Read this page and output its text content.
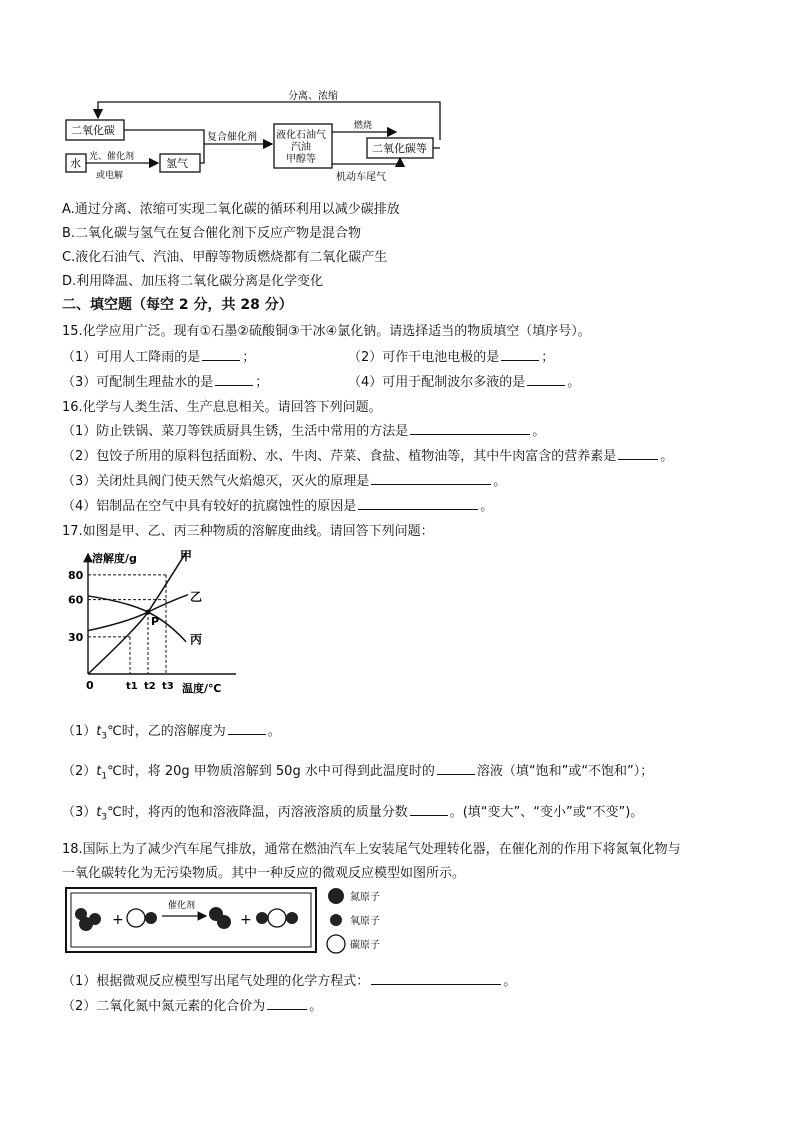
分离、浓缩
二氧化碳
水 光、催化剂
或电解
氢气
复合催化剂 液化石油气
汽油
甲醇等
燃烧
二氧化碳等
机动车尾气
A.通过分离、浓缩可实现二氧化碳的循环利用以减少碳排放
B.二氧化碳与氢气在复合催化剂下反应产物是混合物
C.液化石油气、汽油、甲醇等物质燃烧都有二氧化碳产生
D.利用降温、加压将二氧化碳分离是化学变化
二、填空题（每空 2 分，共 28 分）
15.化学应用广泛。现有①石墨②硫酸铜③干冰④氯化钠。请选择适当的物质填空（填序号）。
（1）可用人工降雨的是	；	（2）可作干电池电极的是	；
（3）可配制生理盐水的是	；	（4）可用于配制波尔多液的是	。
16.化学与人类生活、生产息息相关。请回答下列问题。
（1）防止铁锅、菜刀等铁质厨具生锈，生活中常用的方法是	。
（2）包饺子所用的原料包括面粉、水、牛肉、芹菜、食盐、植物油等，其中牛肉富含的营养素是	。
（3）关闭灶具阀门使天然气火焰熄灭，灭火的原理是	。
（4）铝制品在空气中具有较好的抗腐蚀性的原因是	。
17.如图是甲、乙、丙三种物质的溶解度曲线。请回答下列问题：
溶解度/g
温度/℃
0
30
60
80
t1 t2 t3
P
甲
乙
丙
$(1)t_3℃$时，乙的溶解度为	。
$(2)t_1℃$时，将 20g 甲物质溶解到 50g 水中可得到此温度时的	溶液（填“饱和”或“不饱和”）；
$(3)t_3℃$时，将丙的饱和溶液降温，丙溶液溶质的质量分数	。(填“变大”、“变小”或“不变”)。
18.国际上为了减少汽车尾气排放，通常在燃油汽车上安装尾气处理转化器，在催化剂的作用下将氮氧化物与
一氧化碳转化为无污染物质。其中一种反应的微观反应模型如图所示。
+
催化剂
+
氮原子
氧原子
碳原子
（1）根据微观反应模型写出尾气处理的化学方程式：	。
（2）二氧化氮中氮元素的化合价为	。
